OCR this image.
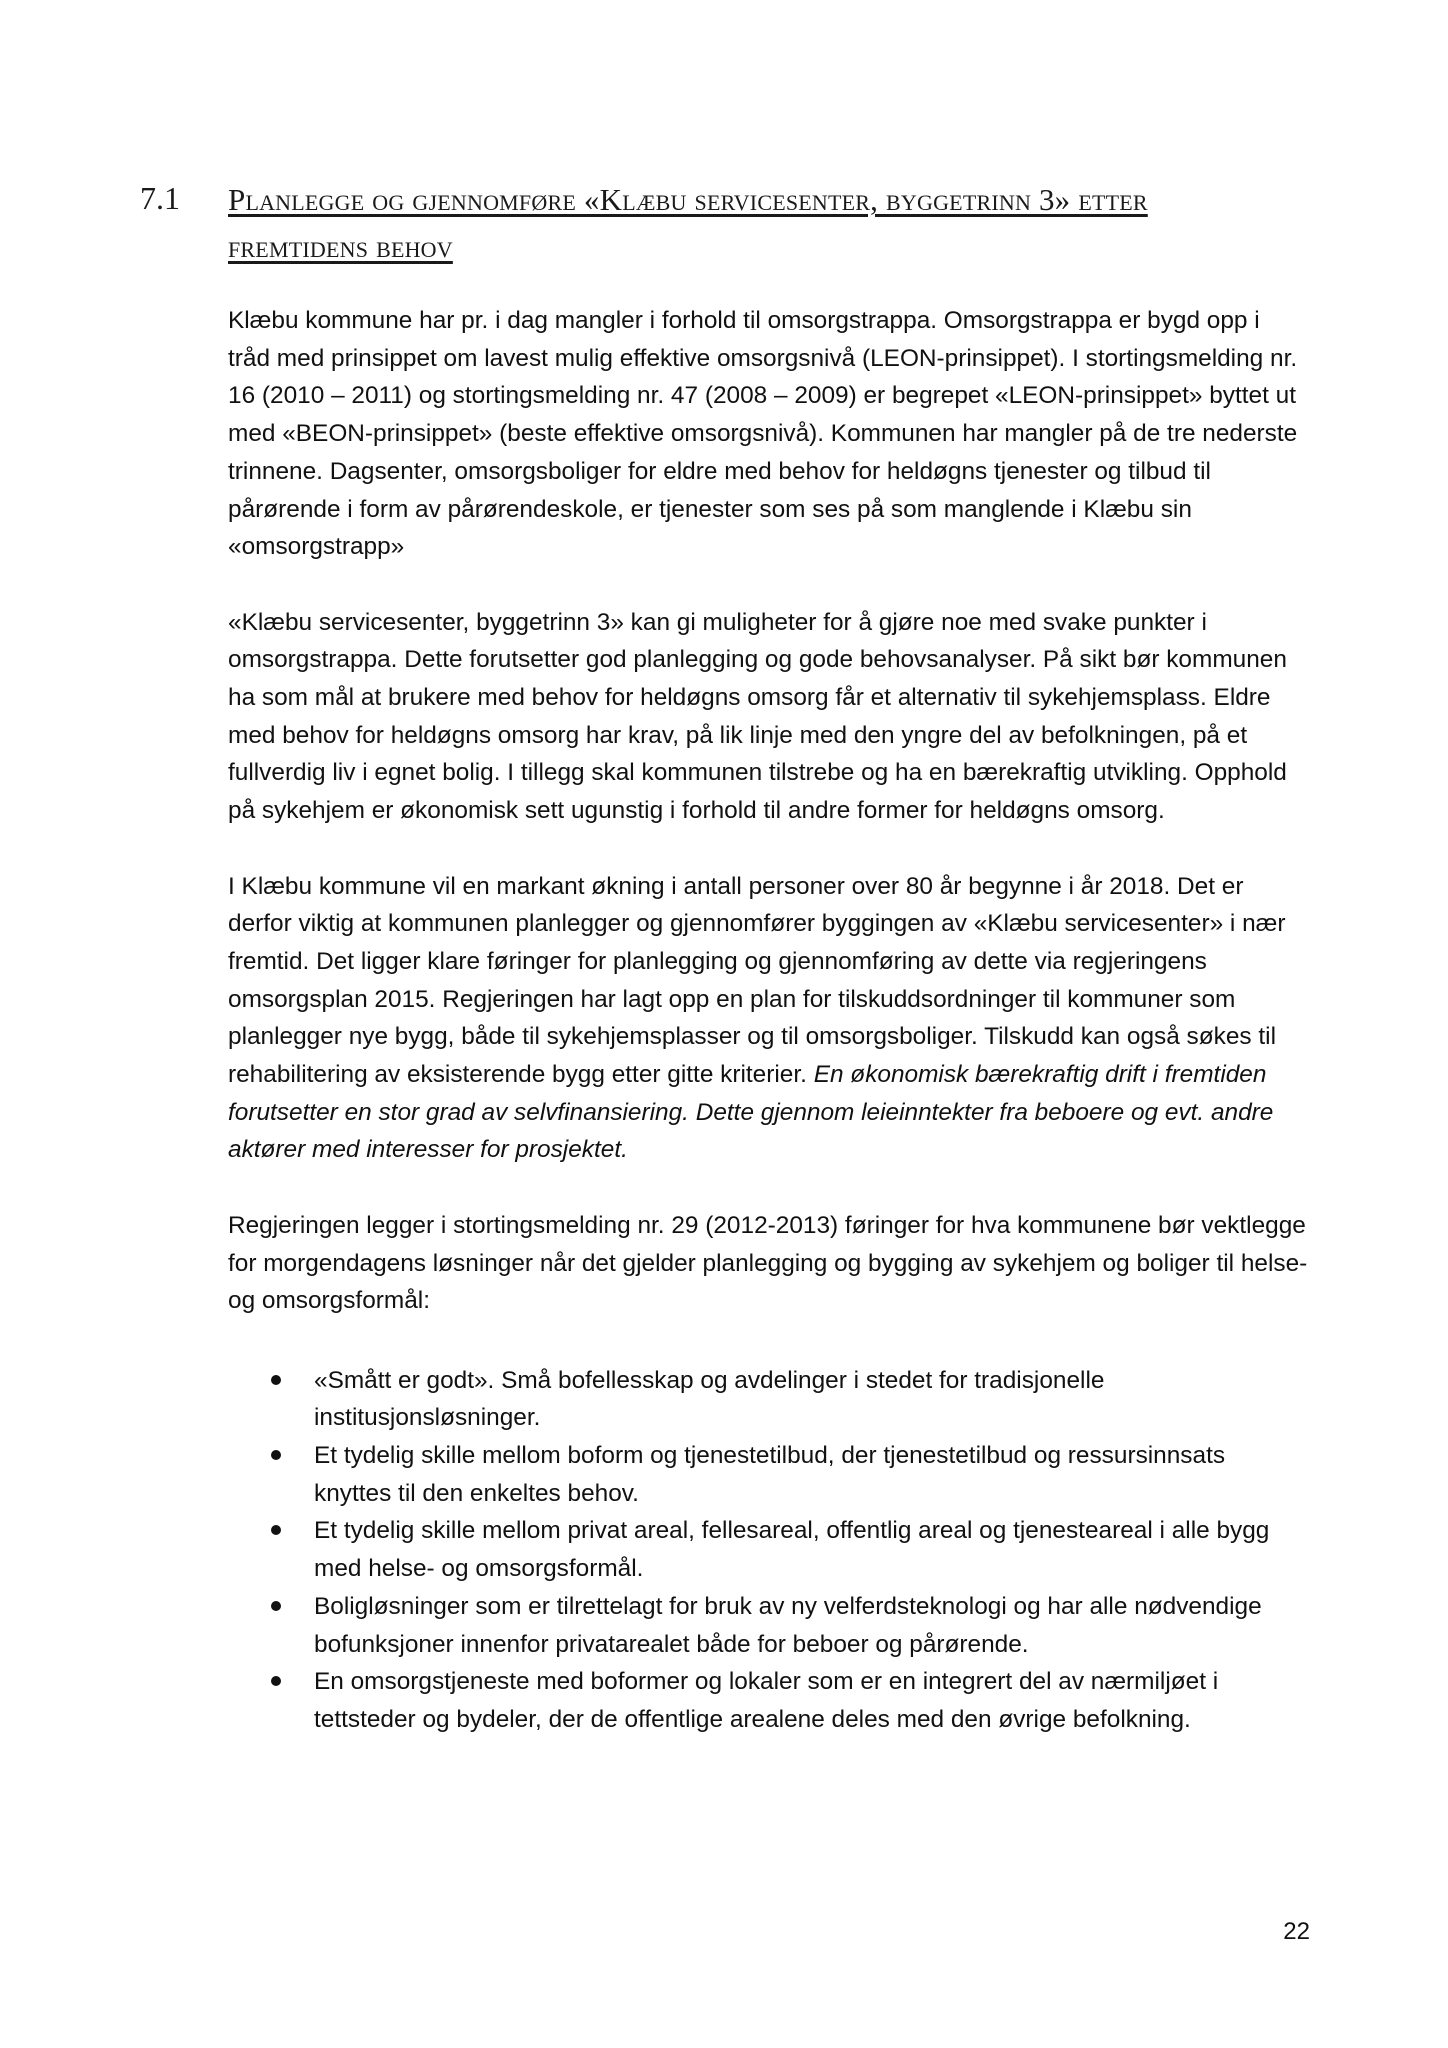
7.1 Planlegge og gjennomføre «Klæbu servicesenter, byggetrinn 3» etter fremtidens behov

Klæbu kommune har pr. i dag mangler i forhold til omsorgstrappa. Omsorgstrappa er bygd opp i tråd med prinsippet om lavest mulig effektive omsorgsnivå (LEON-prinsippet). I stortingsmelding nr. 16 (2010 – 2011) og stortingsmelding nr. 47 (2008 – 2009) er begrepet «LEON-prinsippet» byttet ut med «BEON-prinsippet» (beste effektive omsorgsnivå). Kommunen har mangler på de tre nederste trinnene. Dagsenter, omsorgsboliger for eldre med behov for heldøgns tjenester og tilbud til pårørende i form av pårørendeskole, er tjenester som ses på som manglende i Klæbu sin «omsorgstrapp»

«Klæbu servicesenter, byggetrinn 3» kan gi muligheter for å gjøre noe med svake punkter i omsorgstrappa. Dette forutsetter god planlegging og gode behovsanalyser. På sikt bør kommunen ha som mål at brukere med behov for heldøgns omsorg får et alternativ til sykehjemsplass. Eldre med behov for heldøgns omsorg har krav, på lik linje med den yngre del av befolkningen, på et fullverdig liv i egnet bolig. I tillegg skal kommunen tilstrebe og ha en bærekraftig utvikling. Opphold på sykehjem er økonomisk sett ugunstig i forhold til andre former for heldøgns omsorg.

I Klæbu kommune vil en markant økning i antall personer over 80 år begynne i år 2018. Det er derfor viktig at kommunen planlegger og gjennomfører byggingen av «Klæbu servicesenter» i nær fremtid. Det ligger klare føringer for planlegging og gjennomføring av dette via regjeringens omsorgsplan 2015. Regjeringen har lagt opp en plan for tilskuddsordninger til kommuner som planlegger nye bygg, både til sykehjemsplasser og til omsorgsboliger. Tilskudd kan også søkes til rehabilitering av eksisterende bygg etter gitte kriterier. En økonomisk bærekraftig drift i fremtiden forutsetter en stor grad av selvfinansiering. Dette gjennom leieinntekter fra beboere og evt. andre aktører med interesser for prosjektet.

Regjeringen legger i stortingsmelding nr. 29 (2012-2013) føringer for hva kommunene bør vektlegge for morgendagens løsninger når det gjelder planlegging og bygging av sykehjem og boliger til helse- og omsorgsformål:

«Smått er godt». Små bofellesskap og avdelinger i stedet for tradisjonelle institusjonsløsninger.
Et tydelig skille mellom boform og tjenestetilbud, der tjenestetilbud og ressursinnsats knyttes til den enkeltes behov.
Et tydelig skille mellom privat areal, fellesareal, offentlig areal og tjenesteareal i alle bygg med helse- og omsorgsformål.
Boligløsninger som er tilrettelagt for bruk av ny velferdsteknologi og har alle nødvendige bofunksjoner innenfor privatarealet både for beboer og pårørende.
En omsorgstjeneste med boformer og lokaler som er en integrert del av nærmiljøet i tettsteder og bydeler, der de offentlige arealene deles med den øvrige befolkning.
22
